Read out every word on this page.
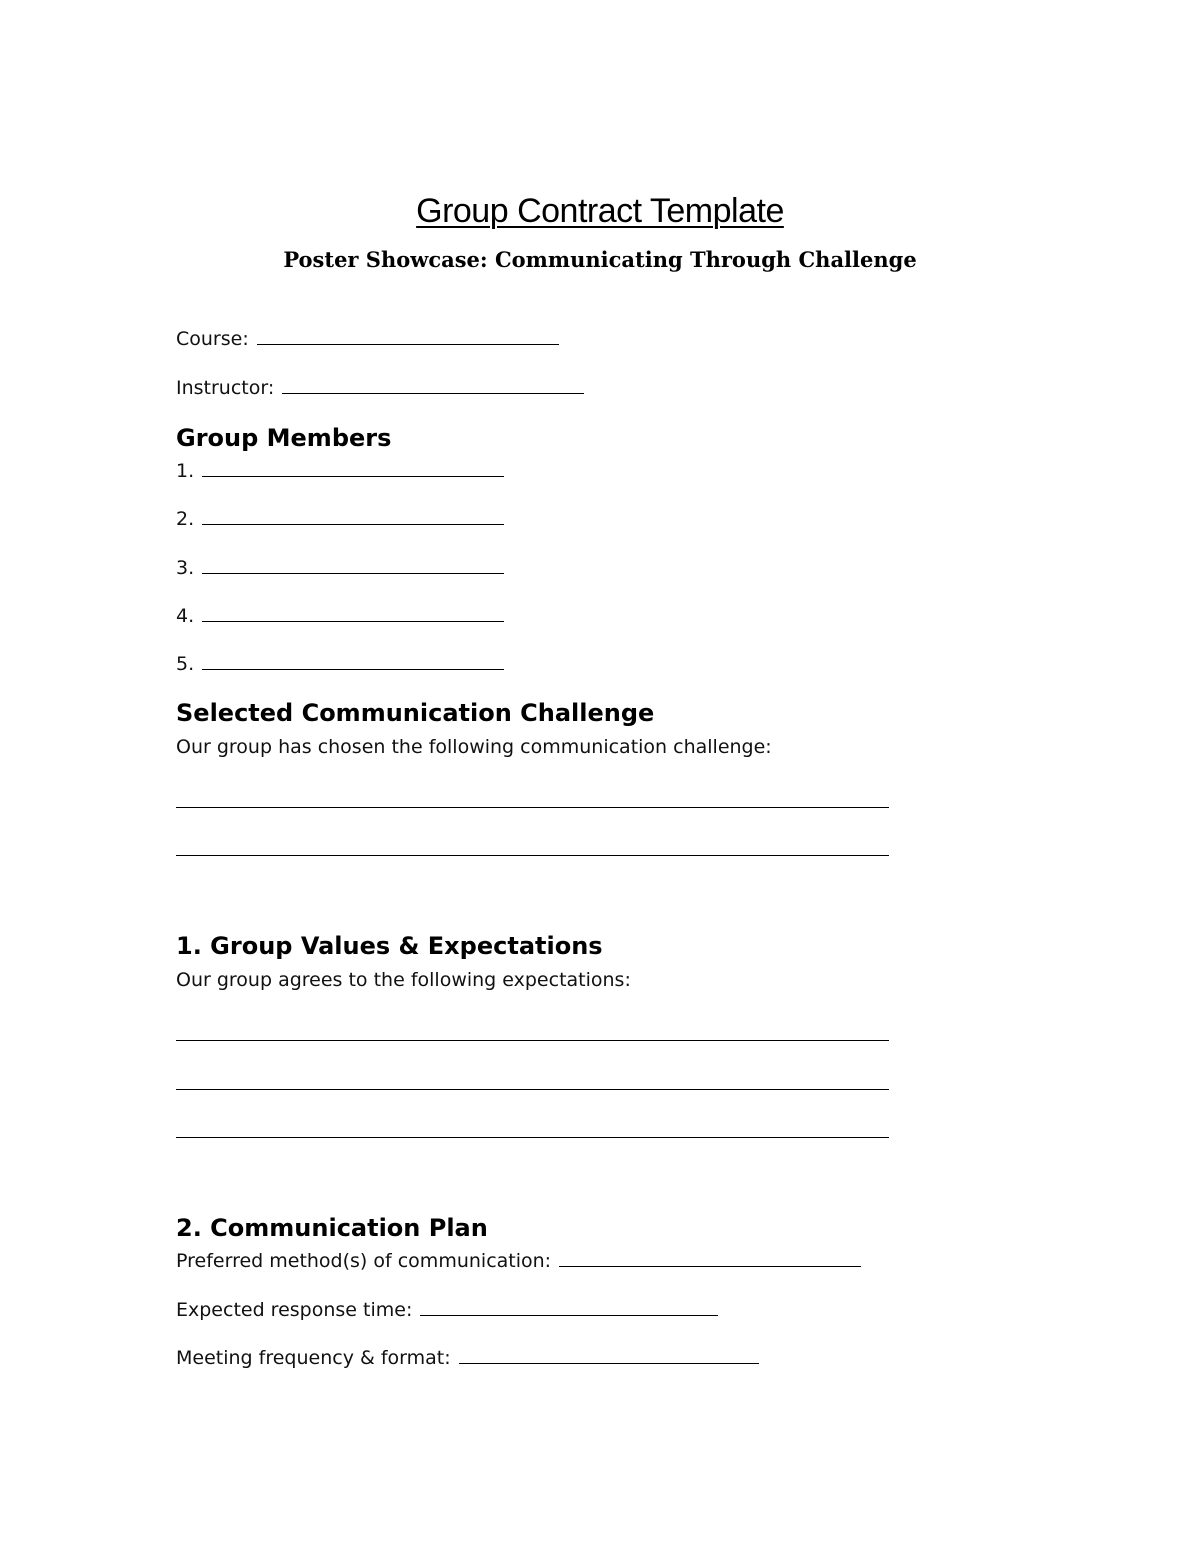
Group Contract Template
Poster Showcase: Communicating Through Challenge
Course:
Instructor:
Group Members
1.
2.
3.
4.
5.
Selected Communication Challenge
Our group has chosen the following communication challenge:
1. Group Values & Expectations
Our group agrees to the following expectations:
2. Communication Plan
Preferred method(s) of communication:
Expected response time:
Meeting frequency & format:
